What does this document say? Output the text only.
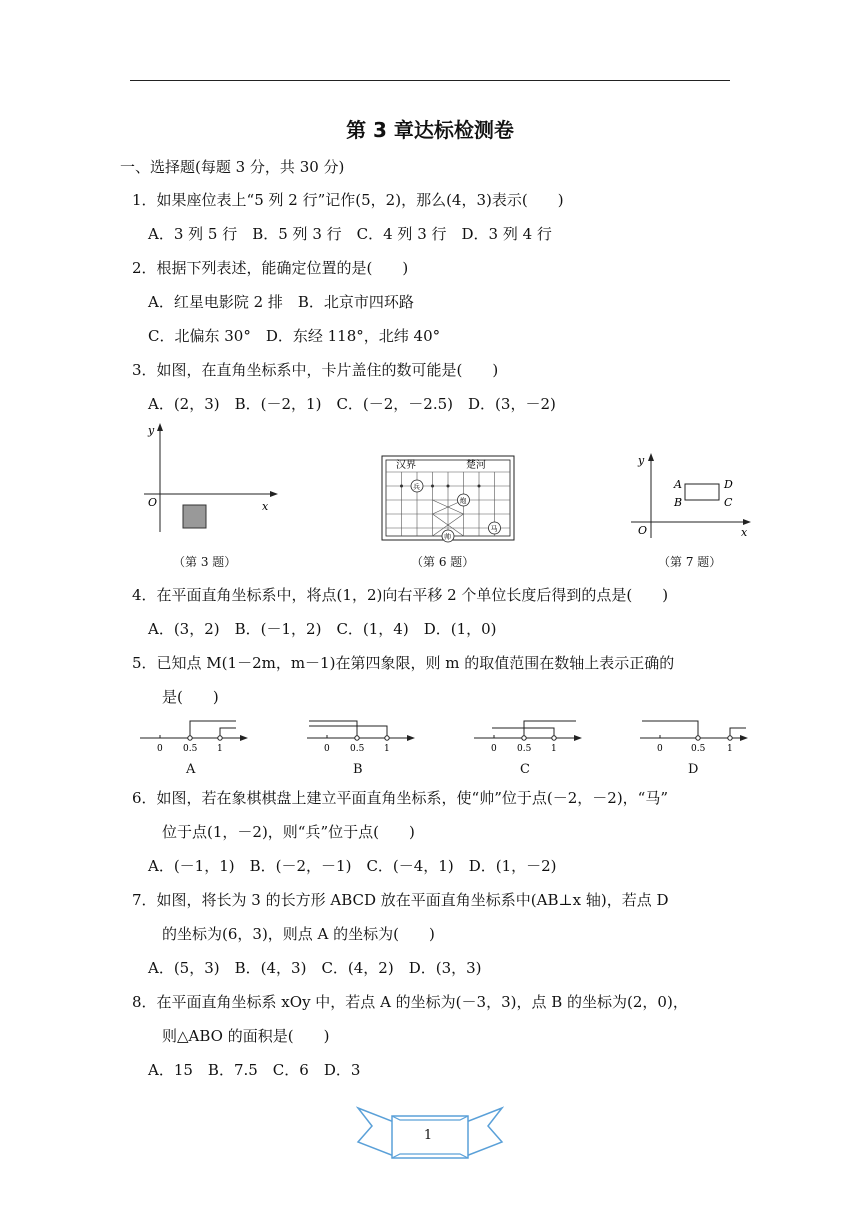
第 3 章达标检测卷
一、选择题(每题 3 分，共 30 分)
1．如果座位表上“5 列 2 行”记作(5，2)，那么(4，3)表示(　　)
A．3 列 5 行　B．5 列 3 行　C．4 列 3 行　D．3 列 4 行
2．根据下列表述，能确定位置的是(　　)
A．红星电影院 2 排　B．北京市四环路
C．北偏东 30°　D．东经 118°，北纬 40°
3．如图，在直角坐标系中，卡片盖住的数可能是(　　)
A．(2，3)　B．(－2，1)　C．(－2，－2.5)　D．(3，－2)
y
x
O
（第 3 题）
汉界	楚河
兵
炮
帅
马
（第 6 题）
y
x
O
A
B	C
D
（第 7 题）
4．在平面直角坐标系中，将点(1，2)向右平移 2 个单位长度后得到的点是(　　)
A．(3，2)　B．(－1，2)　C．(1，4)　D．(1，0)
5．已知点 M(1－2m，m－1)在第四象限，则 m 的取值范围在数轴上表示正确的
是(　　)
0 0.5 1
A
0 0.5 1
B
0 0.5 1
C
0	0.5 1
D
6．如图，若在象棋棋盘上建立平面直角坐标系，使“帅”位于点(－2，－2)，“马”
位于点(1，－2)，则“兵”位于点(　　)
A．(－1，1)　B．(－2，－1)　C．(－4，1)　D．(1，－2)
7．如图，将长为 3 的长方形 ABCD 放在平面直角坐标系中(AB⊥x 轴)，若点 D
的坐标为(6，3)，则点 A 的坐标为(　　)
A．(5，3)　B．(4，3)　C．(4，2)　D．(3，3)
8．在平面直角坐标系 xOy 中，若点 A 的坐标为(－3，3)，点 B 的坐标为(2，0)，
则△ABO 的面积是(　　)
A．15　B．7.5　C．6　D．3
1
